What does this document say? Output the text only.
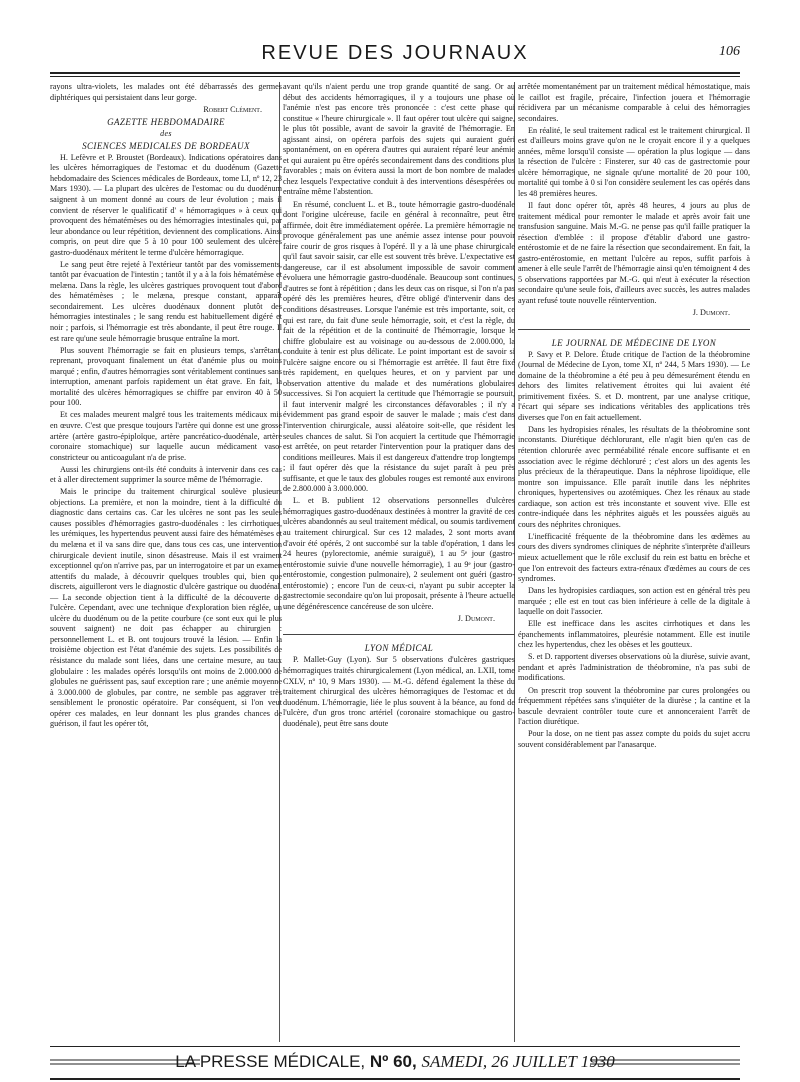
REVUE DES JOURNAUX	106

rayons ultra-violets, les malades ont été débarrassés des germes diphtériques qui persistaient dans leur gorge.

Robert Clément.

GAZETTE HEBDOMADAIRE

des

SCIENCES MEDICALES DE BORDEAUX

H. Lefèvre et P. Broustet (Bordeaux). Indications opératoires dans les ulcères hémorragiques de l'estomac et du duodénum (Gazette hebdomadaire des Sciences médicales de Bordeaux, tome LI, nº 12, 23 Mars 1930). — La plupart des ulcères de l'estomac ou du duodénum saignent à un moment donné au cours de leur évolution ; mais il convient de réserver le qualificatif d' « hémorragiques » à ceux qui provoquent des hématémèses ou des hémorragies intestinales qui, par leur abondance ou leur répétition, deviennent des complications. Ainsi compris, on peut dire que 5 à 10 pour 100 seulement des ulcères gastro-duodénaux méritent le terme d'ulcère hémorragique.

Le sang peut être rejeté à l'extérieur tantôt par des vomissements, tantôt par évacuation de l'intestin ; tantôt il y a à la fois hématémèse et melæna. Dans la règle, les ulcères gastriques provoquent tout d'abord des hématémèses ; le melæna, presque constant, apparaît secondairement. Les ulcères duodénaux donnent plutôt des hémorragies intestinales ; le sang rendu est habituellement digéré et noir ; parfois, si l'hémorragie est très abondante, il peut être rouge. Il est rare qu'une seule hémorragie brusque entraîne la mort.

Plus souvent l'hémorragie se fait en plusieurs temps, s'arrêtant, reprenant, provoquant finalement un état d'anémie plus ou moins marqué ; enfin, d'autres hémorragies sont véritablement continues sans interruption, amenant parfois rapidement un état grave. En fait, la mortalité des ulcères hémorragiques se chiffre par environ 40 à 50 pour 100.

Et ces malades meurent malgré tous les traitements médicaux mis en œuvre. C'est que presque toujours l'artère qui donne est une grosse artère (artère gastro-épiploïque, artère pancréatico-duodénale, artère coronaire stomachique) sur laquelle aucun médicament vaso-constricteur ou anticoagulant n'a de prise.

Aussi les chirurgiens ont-ils été conduits à intervenir dans ces cas et à aller directement supprimer la source même de l'hémorragie.

Mais le principe du traitement chirurgical soulève plusieurs objections. La première, et non la moindre, tient à la difficulté du diagnostic dans certains cas. Car les ulcères ne sont pas les seules causes possibles d'hémorragies gastro-duodénales : les cirrhotiques, les urémiques, les hypertendus peuvent aussi faire des hématémèses et du melæna et il va sans dire que, dans tous ces cas, une intervention chirurgicale devient inutile, sinon désastreuse. Mais il est vraiment exceptionnel qu'on n'arrive pas, par un interrogatoire et par un examen attentifs du malade, à découvrir quelques troubles qui, bien que discrets, aiguilleront vers le diagnostic d'ulcère gastrique ou duodénal. — La seconde objection tient à la difficulté de la découverte de l'ulcère. Cependant, avec une technique d'exploration bien réglée, un ulcère du duodénum ou de la petite courbure (ce sont eux qui le plus souvent saignent) ne doit pas échapper au chirurgien : personnellement L. et B. ont toujours trouvé la lésion. — Enfin la troisième objection est l'état d'anémie des sujets. Les possibilités de résistance du malade sont liées, dans une certaine mesure, au taux globulaire : les malades opérés lorsqu'ils ont moins de 2.000.000 de globules ne guérissent pas, sauf exception rare ; une anémie moyenne à 3.000.000 de globules, par contre, ne semble pas aggraver très sensiblement le pronostic opératoire. Par conséquent, si l'on veut opérer ces malades, en leur donnant les plus grandes chances de guérison, il faut les opérer tôt,

avant qu'ils n'aient perdu une trop grande quantité de sang. Or au début des accidents hémorragiques, il y a toujours une phase où l'anémie n'est pas encore très prononcée : c'est cette phase qui constitue « l'heure chirurgicale ». Il faut opérer tout ulcère qui saigne, le plus tôt possible, avant de savoir la gravité de l'hémorragie. En agissant ainsi, on opérera parfois des sujets qui auraient guéri spontanément, on en opérera d'autres qui auraient réparé leur anémie et qui auraient pu être opérés secondairement dans des conditions plus favorables ; mais on évitera aussi la mort de bon nombre de malades chez lesquels l'expectative conduit à des interventions désespérées ou entraîne même l'abstention.

En résumé, concluent L. et B., toute hémorragie gastro-duodénale dont l'origine ulcéreuse, facile en général à reconnaître, peut être affirmée, doit être immédiatement opérée. La première hémorragie ne provoque généralement pas une anémie assez intense pour pouvoir faire courir de gros risques à l'opéré. Il y a là une phase chirurgicale qu'il faut savoir saisir, car elle est souvent très brève. L'expectative est dangereuse, car il est absolument impossible de savoir comment évoluera une hémorragie gastro-duodénale. Beaucoup sont continues, d'autres se font à répétition ; dans les deux cas on risque, si l'on n'a pas opéré dès les premières heures, d'être obligé d'intervenir dans des conditions désastreuses. Lorsque l'anémie est très importante, soit, ce qui est rare, du fait d'une seule hémorragie, soit, et c'est la règle, du fait de la répétition et de la continuité de l'hémorragie, lorsque le chiffre globulaire est au voisinage ou au-dessous de 2.000.000, la conduite à tenir est plus délicate. Le point important est de savoir si l'ulcère saigne encore ou si l'hémorragie est arrêtée. Il faut être fixé très rapidement, en quelques heures, et on y parvient par une observation attentive du malade et des numérations globulaires successives. Si l'on acquiert la certitude que l'hémorragie se poursuit, il faut intervenir malgré les circonstances défavorables ; il n'y a évidemment pas grand espoir de sauver le malade ; mais c'est dans l'intervention chirurgicale, aussi aléatoire soit-elle, que résident les seules chances de salut. Si l'on acquiert la certitude que l'hémorragie est arrêtée, on peut retarder l'intervention pour la pratiquer dans des conditions meilleures. Mais il est dangereux d'attendre trop longtemps ; il faut opérer dès que la résistance du sujet paraît à peu près suffisante, et que le taux des globules rouges est remonté aux environs de 2.800.000 à 3.000.000.

L. et B. publient 12 observations personnelles d'ulcères hémorragiques gastro-duodénaux destinées à montrer la gravité de ces ulcères abandonnés au seul traitement médical, ou soumis tardivement au traitement chirurgical. Sur ces 12 malades, 2 sont morts avant d'avoir été opérés, 2 ont succombé sur la table d'opération, 1 dans les 24 heures (pylorectomie, anémie suraiguë), 1 au 5ᵉ jour (gastro-entérostomie suivie d'une nouvelle hémorragie), 1 au 9ᵉ jour (gastro-entérostomie, congestion pulmonaire), 2 seulement ont guéri (gastro-entérostomie) ; encore l'un de ceux-ci, n'ayant pu subir accepter la gastrectomie secondaire qu'on lui proposait, présente à l'heure actuelle une dégénérescence cancéreuse de son ulcère.

J. Dumont.

LYON MÉDICAL

P. Mallet-Guy (Lyon). Sur 5 observations d'ulcères gastriques hémorragiques traités chirurgicalement (Lyon médical, an. LXII, tome CXLV, nº 10, 9 Mars 1930). — M.-G. défend également la thèse du traitement chirurgical des ulcères hémorragiques de l'estomac et du duodénum. L'hémorragie, liée le plus souvent à la béance, au fond de l'ulcère, d'un gros tronc artériel (coronaire stomachique ou gastro-duodénale), peut être sans doute

arrêtée momentanément par un traitement médical hémostatique, mais le caillot est fragile, précaire, l'infection jouera et l'hémorragie récidivera par un mécanisme comparable à celui des hémorragies secondaires.

En réalité, le seul traitement radical est le traitement chirurgical. Il est d'ailleurs moins grave qu'on ne le croyait encore il y a quelques années, même lorsqu'il consiste — opération la plus logique — dans la résection de l'ulcère : Finsterer, sur 40 cas de gastrectomie pour ulcère hémorragique, ne signale qu'une mortalité de 20 pour 100, mortalité qui tombe à 0 si l'on considère seulement les cas opérés dans les 48 premières heures.

Il faut donc opérer tôt, après 48 heures, 4 jours au plus de traitement médical pour remonter le malade et après avoir fait une transfusion sanguine. Mais M.-G. ne pense pas qu'il faille pratiquer la résection d'emblée : il propose d'établir d'abord une gastro-entérostomie et de ne faire la résection que secondairement. En fait, la gastro-entérostomie, en mettant l'ulcère au repos, suffit parfois à amener à elle seule l'arrêt de l'hémorragie ainsi qu'en témoignent 4 des 5 observations rapportées par M.-G. qui n'eut à exécuter la résection secondaire qu'une seule fois, d'ailleurs avec succès, les autres malades ayant refusé toute nouvelle réintervention.

J. Dumont.

LE JOURNAL DE MÉDECINE DE LYON

P. Savy et P. Delore. Étude critique de l'action de la théobromine (Journal de Médecine de Lyon, tome XI, nº 244, 5 Mars 1930). — Le domaine de la théobromine a été peu à peu démesurément étendu en dehors des limites relativement étroites qui lui avaient été primitivement fixées. S. et D. montrent, par une analyse critique, l'écart qui sépare ses indications véritables des applications très diverses que l'on en fait actuellement.

Dans les hydropisies rénales, les résultats de la théobromine sont inconstants. Diurétique déchlorurant, elle n'agit bien qu'en cas de rétention chlorurée avec perméabilité rénale encore suffisante et en association avec le régime déchloruré ; c'est alors un des agents les plus précieux de la thérapeutique. Dans la néphrose lipoïdique, elle montre son impuissance. Elle paraît inutile dans les néphrites chroniques, hypertensives ou azotémiques. Chez les rénaux au stade cardiaque, son action est très inconstante et souvent vive. Elle est contre-indiquée dans les néphrites aiguës et les poussées aiguës au cours des néphrites chroniques.

L'inefficacité fréquente de la théobromine dans les œdèmes au cours des divers syndromes cliniques de néphrite s'interprète d'ailleurs mieux actuellement que le rôle exclusif du rein est battu en brèche et que l'on entrevoit des facteurs extra-rénaux d'œdèmes au cours de ces syndromes.

Dans les hydropisies cardiaques, son action est en général très peu marquée ; elle est en tout cas bien inférieure à celle de la digitale à laquelle on doit l'associer.

Elle est inefficace dans les ascites cirrhotiques et dans les épanchements inflammatoires, pleurésie notamment. Elle est inutile chez les hypertendus, chez les obèses et les goutteux.

S. et D. rapportent diverses observations où la diurèse, suivie avant, pendant et après l'administration de théobromine, n'a pas subi de modifications.

On prescrit trop souvent la théobromine par cures prolongées ou fréquemment répétées sans s'inquiéter de la diurèse ; la cantine et la bascule devraient contrôler toute cure et annonceraient l'arrêt de l'action diurétique.

Pour la dose, on ne tient pas assez compte du poids du sujet accru souvent considérablement par l'anasarque.

LA PRESSE MÉDICALE, Nº 60, SAMEDI, 26 JUILLET 1930
